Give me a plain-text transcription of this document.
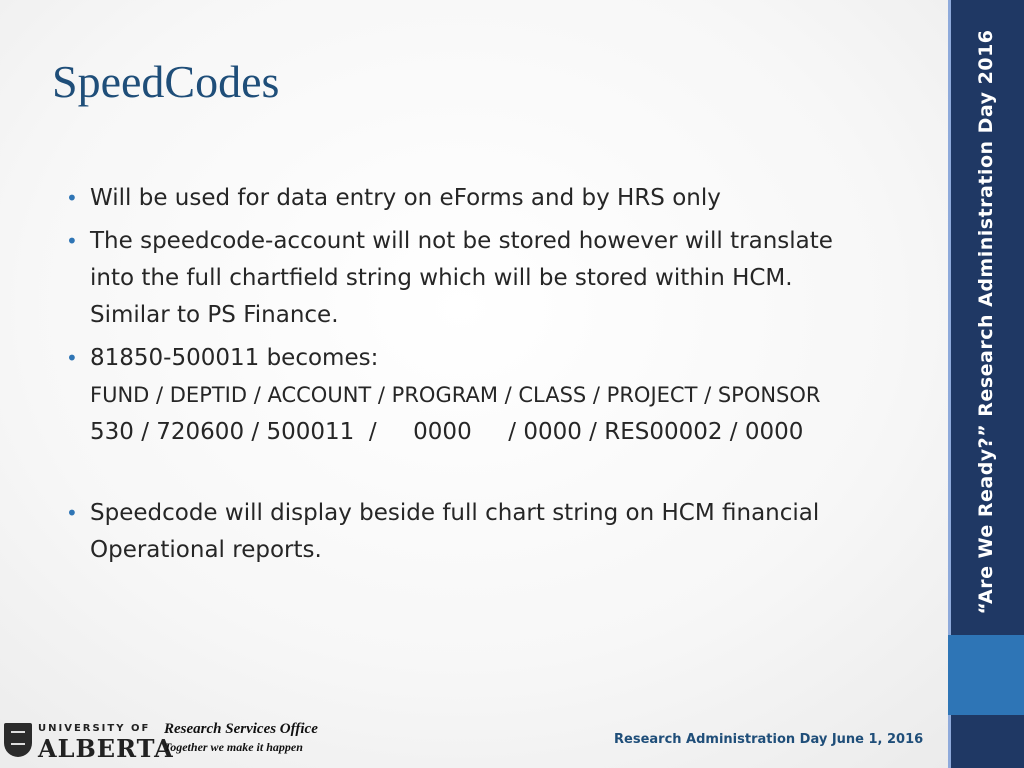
SpeedCodes
• Will be used for data entry on eForms and by HRS only
• The speedcode-account will not be stored however will translate
into the full chartfield string which will be stored within HCM.
Similar to PS Finance.
• 81850-500011 becomes:
FUND / DEPTID / ACCOUNT / PROGRAM / CLASS / PROJECT / SPONSOR
530 / 720600 / 500011  /     0000     / 0000 / RES00002 / 0000
• Speedcode will display beside full chart string on HCM financial
Operational reports.	“Are We Ready?” Research Administration Day 2016
UNIVERSITY OF
ALBERTA
Research Services Office
Together we make it happen	Research Administration Day June 1, 2016
